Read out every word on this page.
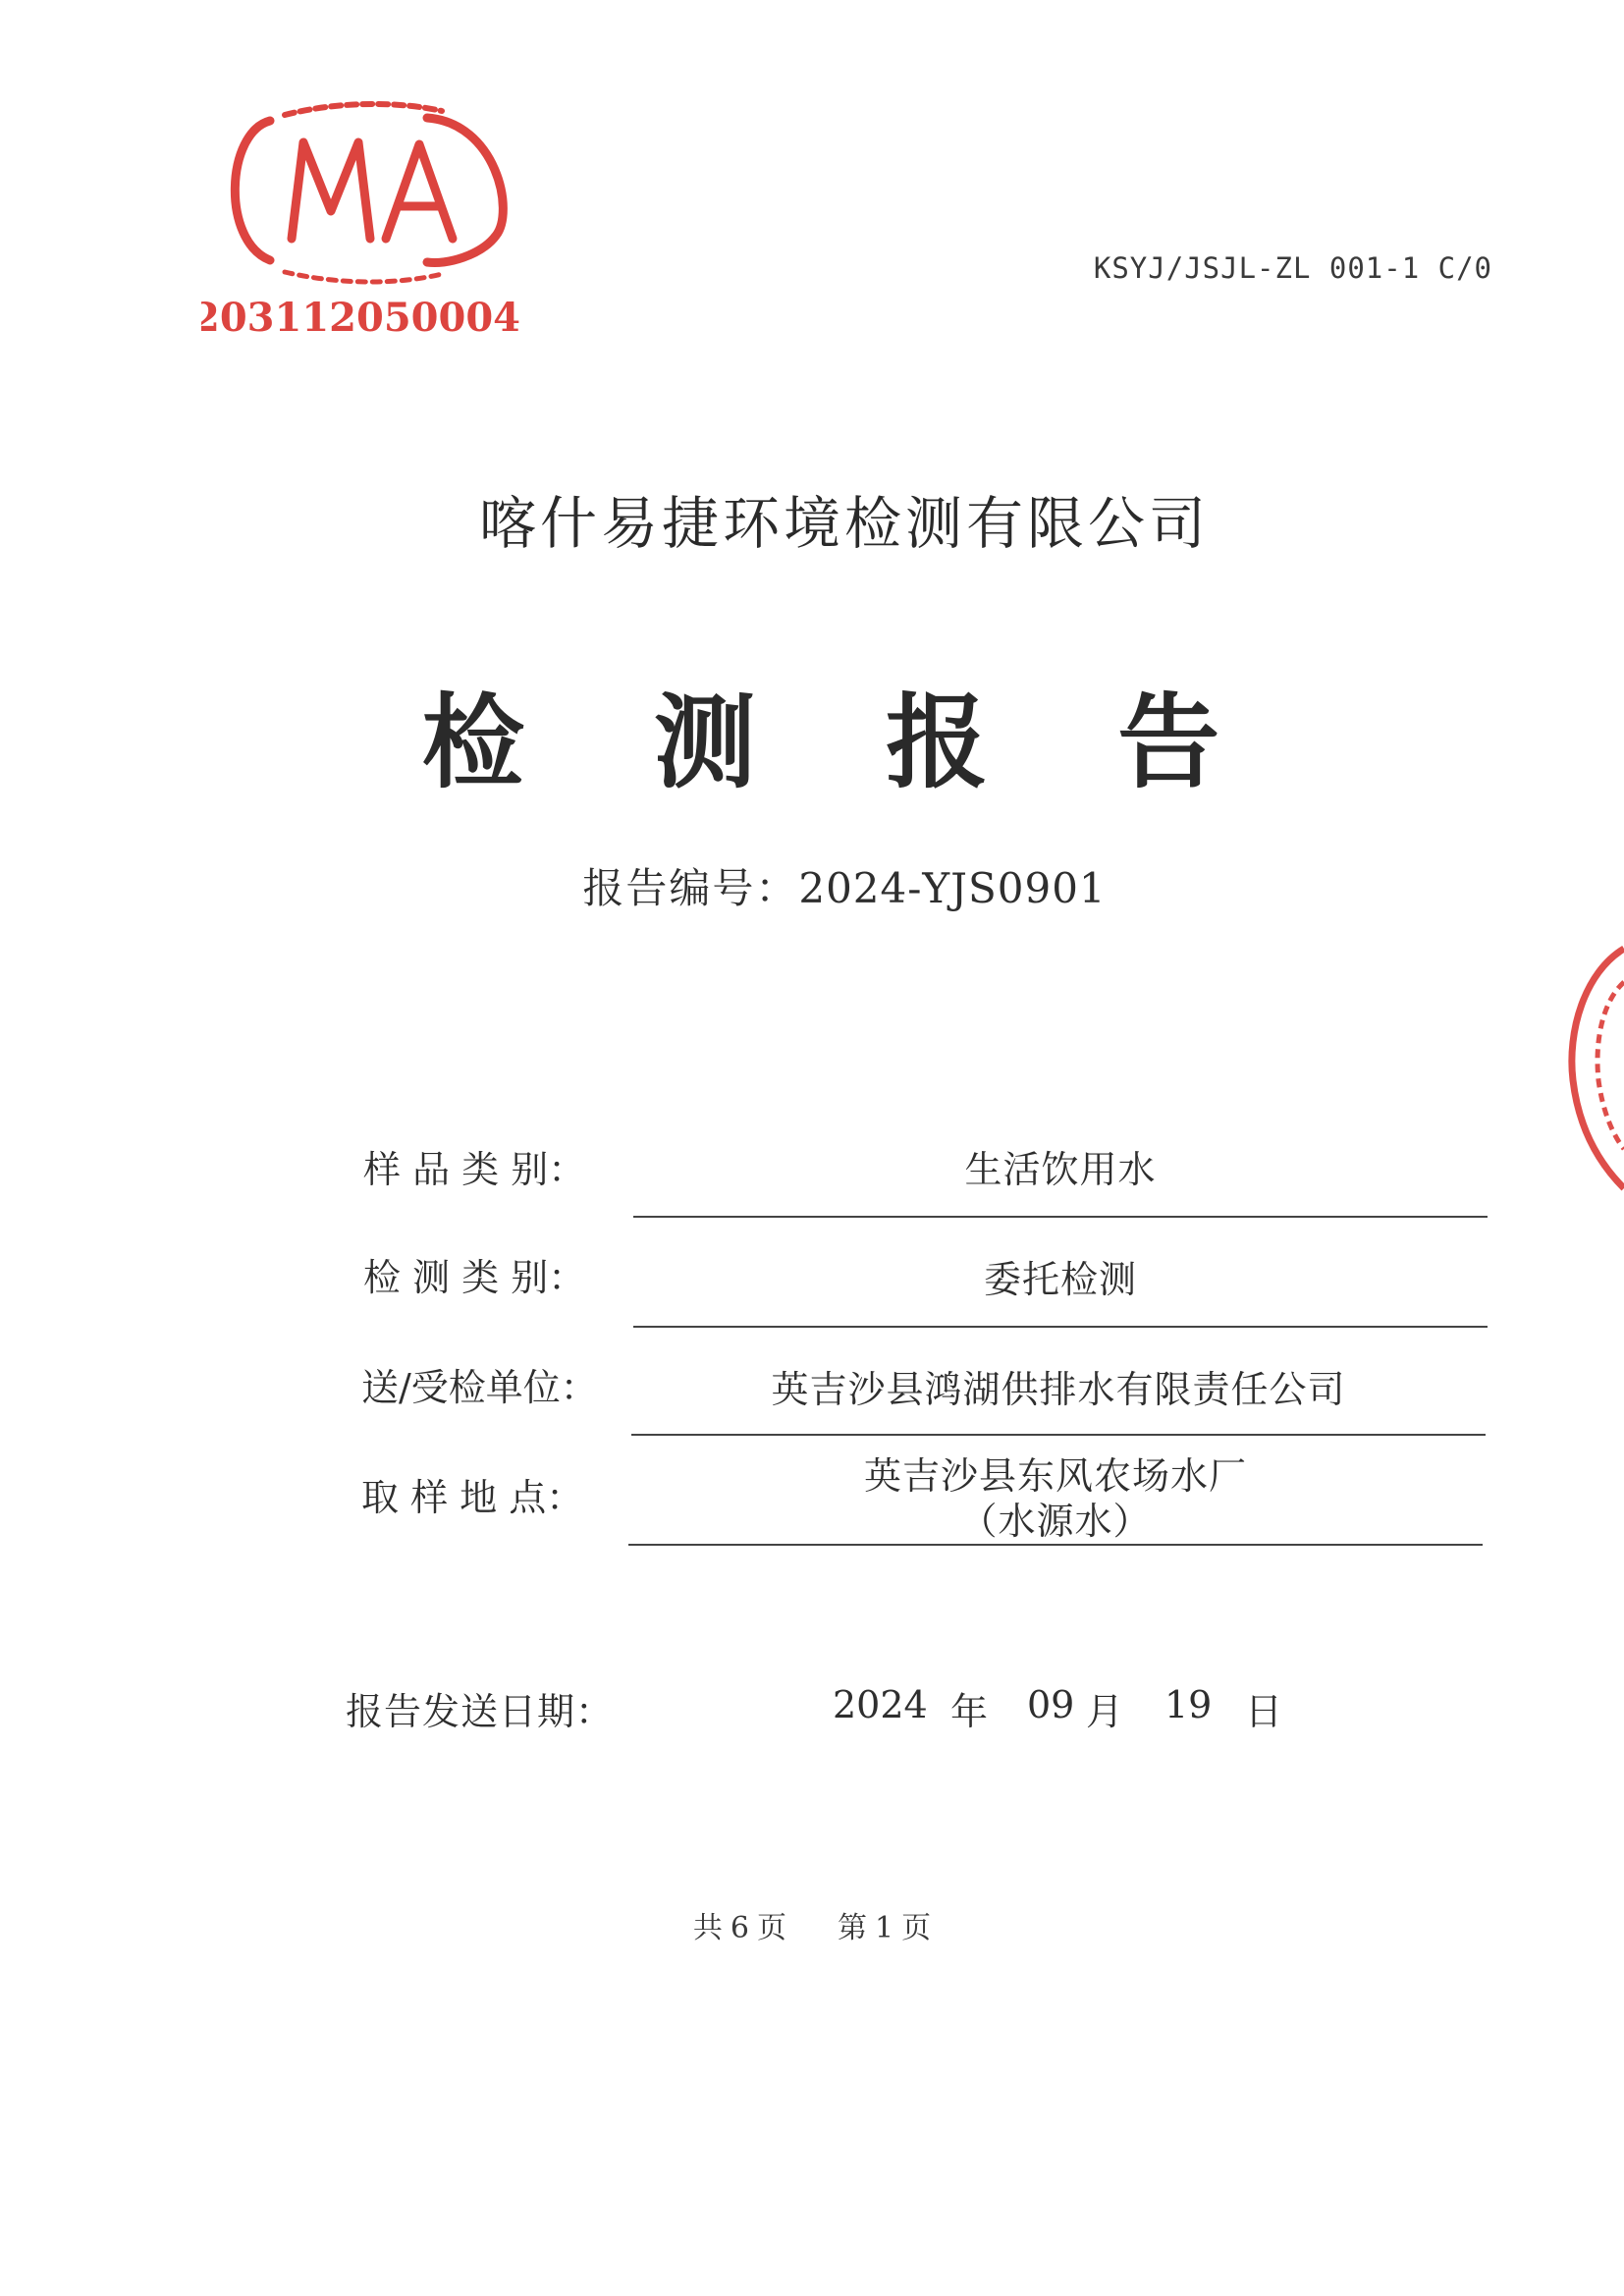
203112050004
KSYJ/JSJL-ZL 001-1 C/0
喀什易捷环境检测有限公司
检 测 报 告
报告编号：2024-YJS0901
样 品 类 别：	生活饮用水
检 测 类 别：	委托检测
送/受检单位：	英吉沙县鸿湖供排水有限责任公司
取 样 地 点：	英吉沙县东风农场水厂
（水源水）
报告发送日期：	2024 年 09 月 19 日
共 6 页 第 1 页
